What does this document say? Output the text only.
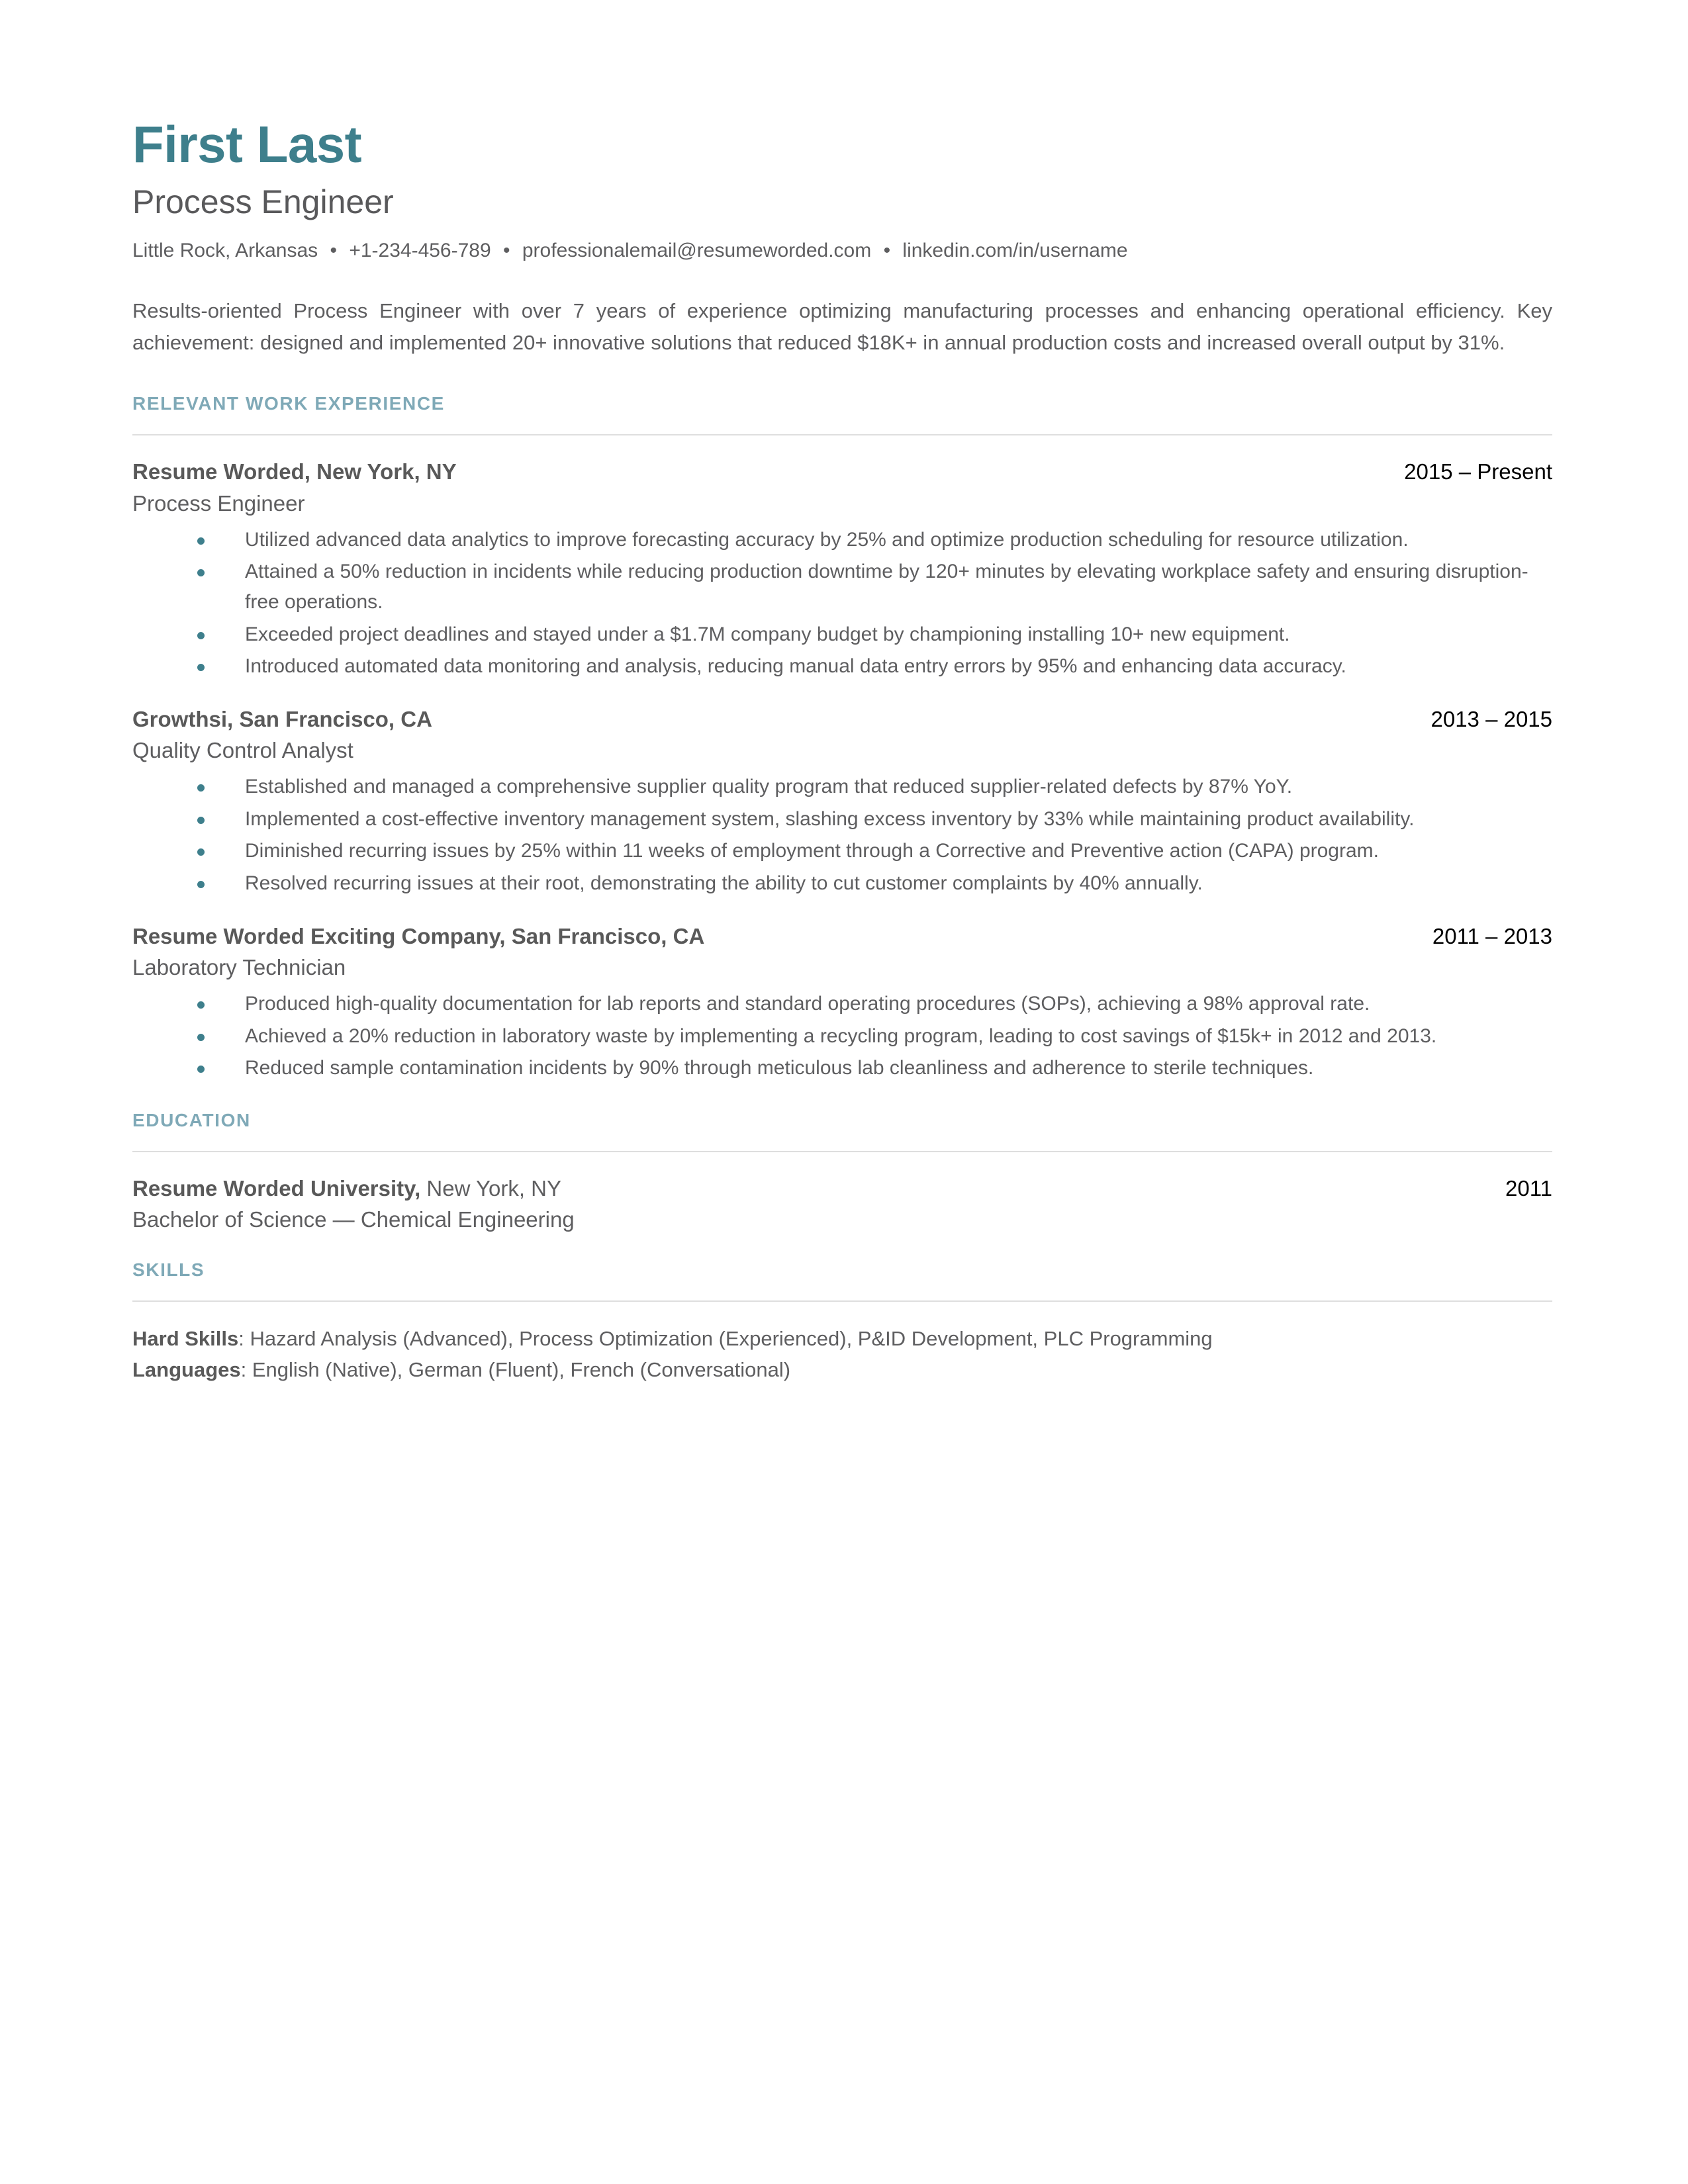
First Last
Process Engineer
Little Rock, Arkansas • +1-234-456-789 • professionalemail@resumeworded.com • linkedin.com/in/username

Results-oriented Process Engineer with over 7 years of experience optimizing manufacturing processes and enhancing operational efficiency. Key achievement: designed and implemented 20+ innovative solutions that reduced $18K+ in annual production costs and increased overall output by 31%.

RELEVANT WORK EXPERIENCE
Resume Worded, New York, NY	2015 – Present
Process Engineer
Utilized advanced data analytics to improve forecasting accuracy by 25% and optimize production scheduling for resource utilization.
Attained a 50% reduction in incidents while reducing production downtime by 120+ minutes by elevating workplace safety and ensuring disruption-free operations.
Exceeded project deadlines and stayed under a $1.7M company budget by championing installing 10+ new equipment.
Introduced automated data monitoring and analysis, reducing manual data entry errors by 95% and enhancing data accuracy.
Growthsi, San Francisco, CA	2013 – 2015
Quality Control Analyst
Established and managed a comprehensive supplier quality program that reduced supplier-related defects by 87% YoY.
Implemented a cost-effective inventory management system, slashing excess inventory by 33% while maintaining product availability.
Diminished recurring issues by 25% within 11 weeks of employment through a Corrective and Preventive action (CAPA) program.
Resolved recurring issues at their root, demonstrating the ability to cut customer complaints by 40% annually.
Resume Worded Exciting Company, San Francisco, CA	2011 – 2013
Laboratory Technician
Produced high-quality documentation for lab reports and standard operating procedures (SOPs), achieving a 98% approval rate.
Achieved a 20% reduction in laboratory waste by implementing a recycling program, leading to cost savings of $15k+ in 2012 and 2013.
Reduced sample contamination incidents by 90% through meticulous lab cleanliness and adherence to sterile techniques.
EDUCATION
Resume Worded University, New York, NY	2011
Bachelor of Science — Chemical Engineering
SKILLS
Hard Skills: Hazard Analysis (Advanced), Process Optimization (Experienced), P&ID Development, PLC Programming
Languages: English (Native), German (Fluent), French (Conversational)
